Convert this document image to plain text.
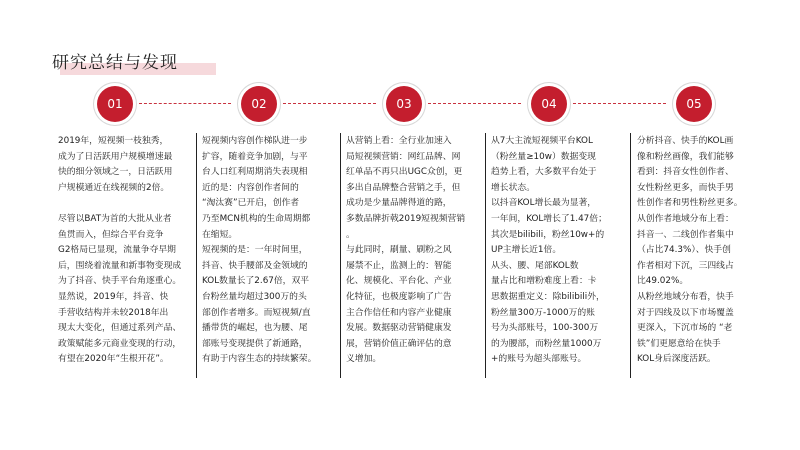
研究总结与发现
01	02	03	04	05
2019年，短视频一枝独秀，
成为了日活跃用户规模增速最
快的细分领域之一，日活跃用
户规模通近在线视频的2倍。

尽管以BAT为首的大批从业者
鱼贯而入，但综合平台竞争
G2格局已显现，流量争夺早期
后，围绕着流量和新事物变现成
为了抖音、快手平台角逐重心。
显然说，2019年，抖音、快
手营收结构并未较2018年出
现太大变化，但通过系列产品、
政策赋能多元商业变现的行动，
有望在2020年“生根开花”。
短视频内容创作梯队进一步
扩容，随着竞争加剧，与平
台人口红利周期消失表现相
近的是：内容创作者间的
“淘汰赛”已开启，创作者
乃至MCN机构的生命周期都
在缩短。
短视频的是：一年时间里，
抖音、快手腰部及金领域的
KOL数量长了2.67倍，双平
台粉丝量均超过300万的头
部创作者增多。而短视频/直
播带货的崛起，也为腰、尾
部账号变现提供了新通路，
有助于内容生态的持续繁荣。
从营销上看：全行业加速入
局短视频营销：网红品牌、网
红单品不再只出UGC众创，更
多出自品牌整合营销之手，但
成功是少量品牌得道的路，
多数品牌折戟2019短视频营销
。
与此同时，刷量、刷粉之风
屡禁不止，监测上的：智能
化、规模化、平台化、产业
化特征，也极度影响了广告
主合作信任和内容产业健康
发展。数据驱动营销健康发
展，营销价值正确评估的意
义增加。
从7大主流短视频平台KOL
（粉丝量≥10w）数据变现
趋势上看，大多数平台处于
增长状态。
以抖音KOL增长最为显著，
一年间，KOL增长了1.47倍；
其次是bilibili，粉丝10w+的
UP主增长近1倍。
从头、腰、尾部KOL数
量占比和增粉难度上看：卡
思数据重定义：除bilibili外，
粉丝量300万-1000万的账
号为头部账号，100-300万
的为腰部，而粉丝量1000万
+的账号为超头部账号。
分析抖音、快手的KOL画
像和粉丝画像，我们能够
看到：抖音女性创作者、
女性粉丝更多，而快手男
性创作者和男性粉丝更多。
从创作者地域分布上看：
抖音一、二线创作者集中
（占比74.3%）、快手创
作者相对下沉，三四线占
比49.02%。
从粉丝地域分布看，快手
对于四线及以下市场覆盖
更深入，下沉市场的 “老
铁”们更愿意给在快手
KOL身后深度活跃。
